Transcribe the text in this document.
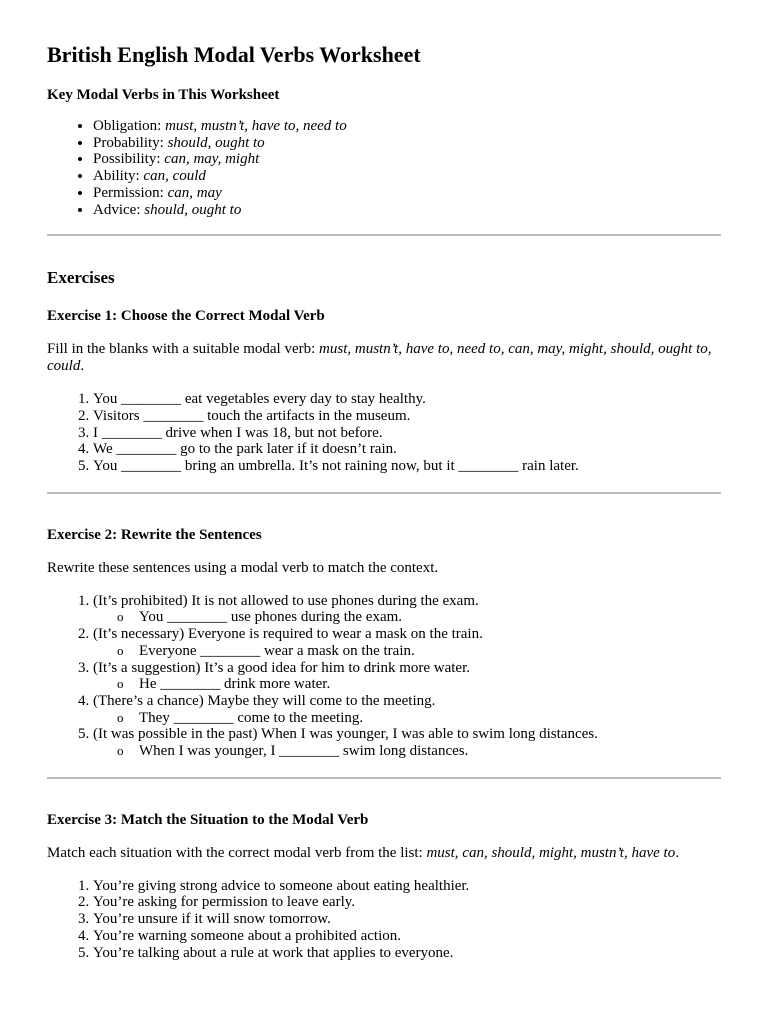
British English Modal Verbs Worksheet
Key Modal Verbs in This Worksheet
• Obligation: must, mustn’t, have to, need to
• Probability: should, ought to
• Possibility: can, may, might
• Ability: can, could
• Permission: can, may
• Advice: should, ought to
Exercises
Exercise 1: Choose the Correct Modal Verb

Fill in the blanks with a suitable modal verb: must, mustn’t, have to, need to, can, may, might, should, ought to, could.

1. You ________ eat vegetables every day to stay healthy.
2. Visitors ________ touch the artifacts in the museum.
3. I ________ drive when I was 18, but not before.
4. We ________ go to the park later if it doesn’t rain.
5. You ________ bring an umbrella. It’s not raining now, but it ________ rain later.
Exercise 2: Rewrite the Sentences

Rewrite these sentences using a modal verb to match the context.

1. (It’s prohibited) It is not allowed to use phones during the exam.
o You ________ use phones during the exam.
2. (It’s necessary) Everyone is required to wear a mask on the train.
o Everyone ________ wear a mask on the train.
3. (It’s a suggestion) It’s a good idea for him to drink more water.
o He ________ drink more water.
4. (There’s a chance) Maybe they will come to the meeting.
o They ________ come to the meeting.
5. (It was possible in the past) When I was younger, I was able to swim long distances.
o When I was younger, I ________ swim long distances.
Exercise 3: Match the Situation to the Modal Verb

Match each situation with the correct modal verb from the list: must, can, should, might, mustn’t, have to.

1. You’re giving strong advice to someone about eating healthier.
2. You’re asking for permission to leave early.
3. You’re unsure if it will snow tomorrow.
4. You’re warning someone about a prohibited action.
5. You’re talking about a rule at work that applies to everyone.
